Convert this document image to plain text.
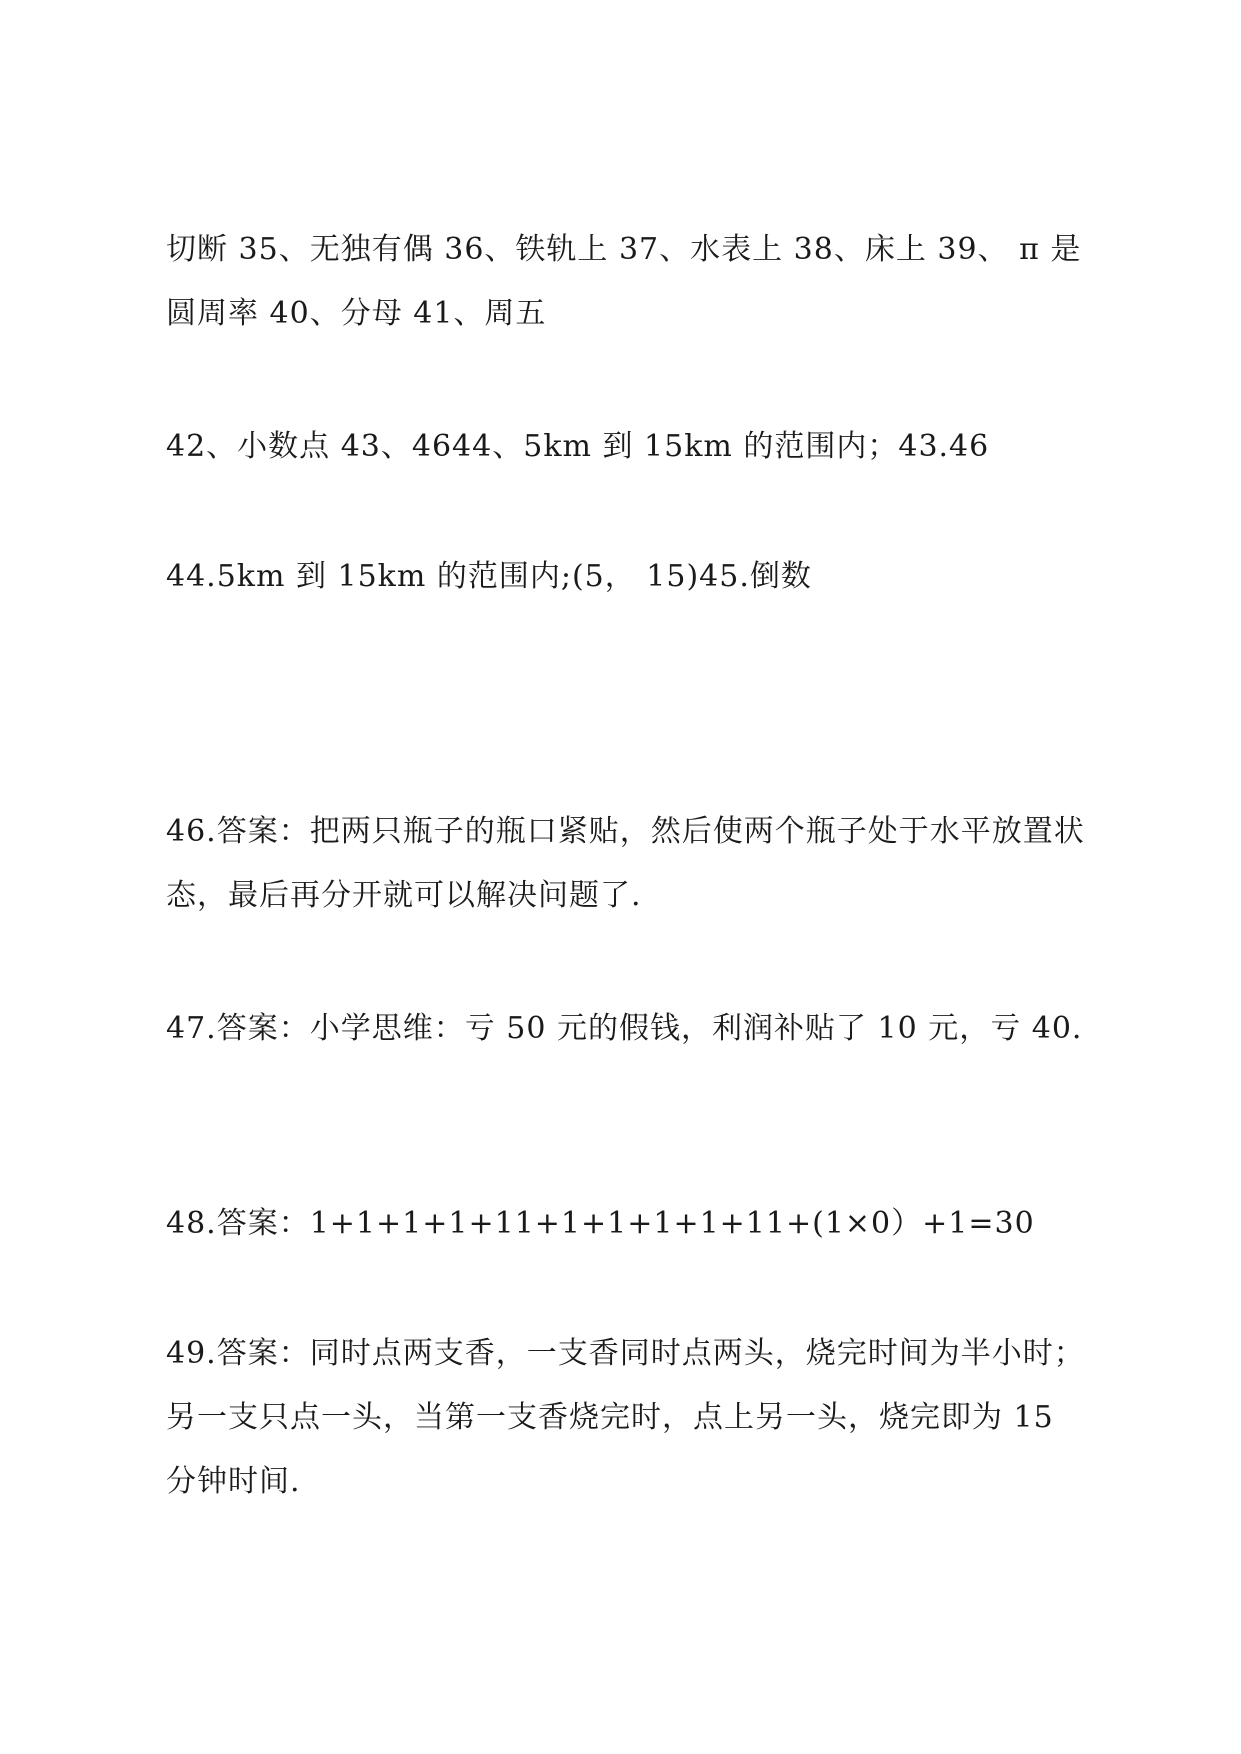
切断 35、无独有偶 36、铁轨上 37、水表上 38、床上 39、 π 是圆周率 40、分母 41、周五

42、小数点 43、4644、5km 到 15km 的范围内；43.46

44.5km 到 15km 的范围内;(5， 15)45.倒数

46.答案：把两只瓶子的瓶口紧贴，然后使两个瓶子处于水平放置状态，最后再分开就可以解决问题了.

47.答案：小学思维：亏 50 元的假钱，利润补贴了 10 元，亏 40.

48.答案：1+1+1+1+11+1+1+1+1+11+(1×0）+1=30

49.答案：同时点两支香，一支香同时点两头，烧完时间为半小时；另一支只点一头，当第一支香烧完时，点上另一头，烧完即为 15 分钟时间.
